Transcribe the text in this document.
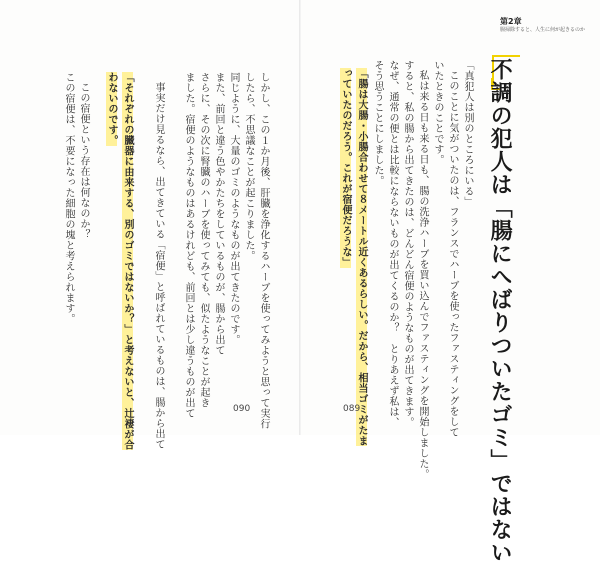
第2章
腸掃除すると、人生に何が起きるのか
不調の犯人は「腸にへばりついたゴミ」ではない
「真犯人は別のところにいる」
このことに気がついたのは、フランスでハーブを使ったファスティングをして
いたときのことです。
私は来る日も来る日も、腸の洗浄ハーブを買い込んでファスティングを開始しました。
すると、私の腸から出てきたのは、どんどん宿便のようなものが出てきます。
なぜ、通常の便とは比較にならないものが出てくるのか？　とりあえず私は、
そう思うことにしました。
「腸は大腸・小腸合わせて８メートル近くあるらしい。だから、相当ゴミがたま
っていたのだろう。これが宿便だろうな」
089
しかし、この１か月後、肝臓を浄化するハーブを使ってみようと思って実行
したら、不思議なことが起こりました。
同じように、大量のゴミのようなものが出てきたのです。
また、前回と違う色やかたちをしているものが、腸から出て
さらに、その次に腎臓のハーブを使ってみても、似たようなことが起き
ました。宿便のようなものはあるけれども、前回とは少し違うものが出て
事実だけ見るなら、出てきている「宿便」と呼ばれているものは、腸から出て
「それぞれの臓器に由来する、別のゴミではないか？」と考えないと、辻褄が合
わないのです。
この宿便という存在は何なのか？
この宿便は、不要になった細胞の塊と考えられます。
090
